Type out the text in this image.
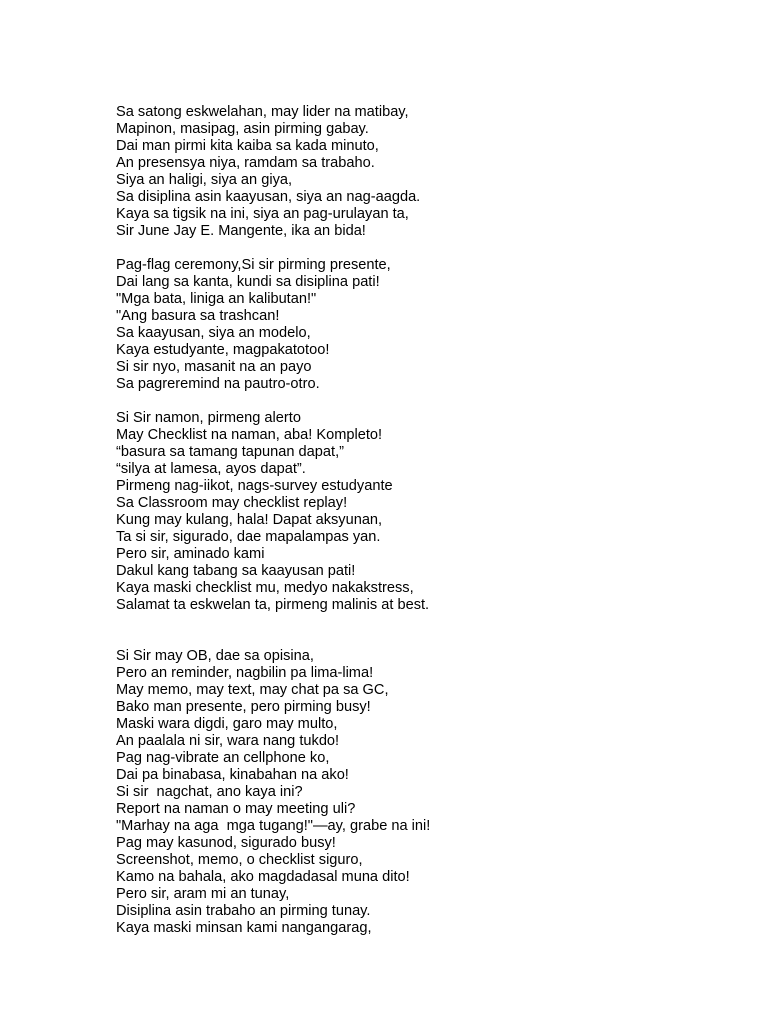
Sa satong eskwelahan, may lider na matibay,
Mapinon, masipag, asin pirming gabay.
Dai man pirmi kita kaiba sa kada minuto,
An presensya niya, ramdam sa trabaho.
Siya an haligi, siya an giya,
Sa disiplina asin kaayusan, siya an nag-aagda.
Kaya sa tigsik na ini, siya an pag-urulayan ta,
Sir June Jay E. Mangente, ika an bida!
Pag-flag ceremony,Si sir pirming presente,
Dai lang sa kanta, kundi sa disiplina pati!
"Mga bata, liniga an kalibutan!"
"Ang basura sa trashcan!
Sa kaayusan, siya an modelo,
Kaya estudyante, magpakatotoo!
Si sir nyo, masanit na an payo
Sa pagreremind na pautro-otro.
Si Sir namon, pirmeng alerto
May Checklist na naman, aba! Kompleto!
“basura sa tamang tapunan dapat,”
“silya at lamesa, ayos dapat”.
Pirmeng nag-iikot, nags-survey estudyante
Sa Classroom may checklist replay!
Kung may kulang, hala! Dapat aksyunan,
Ta si sir, sigurado, dae mapalampas yan.
Pero sir, aminado kami
Dakul kang tabang sa kaayusan pati!
Kaya maski checklist mu, medyo nakakstress,
Salamat ta eskwelan ta, pirmeng malinis at best.
Si Sir may OB, dae sa opisina,
Pero an reminder, nagbilin pa lima-lima!
May memo, may text, may chat pa sa GC,
Bako man presente, pero pirming busy!
Maski wara digdi, garo may multo,
An paalala ni sir, wara nang tukdo!
Pag nag-vibrate an cellphone ko,
Dai pa binabasa, kinabahan na ako!
Si sir  nagchat, ano kaya ini?
Report na naman o may meeting uli?
"Marhay na aga  mga tugang!"—ay, grabe na ini!
Pag may kasunod, sigurado busy!
Screenshot, memo, o checklist siguro,
Kamo na bahala, ako magdadasal muna dito!
Pero sir, aram mi an tunay,
Disiplina asin trabaho an pirming tunay.
Kaya maski minsan kami nangangarag,
